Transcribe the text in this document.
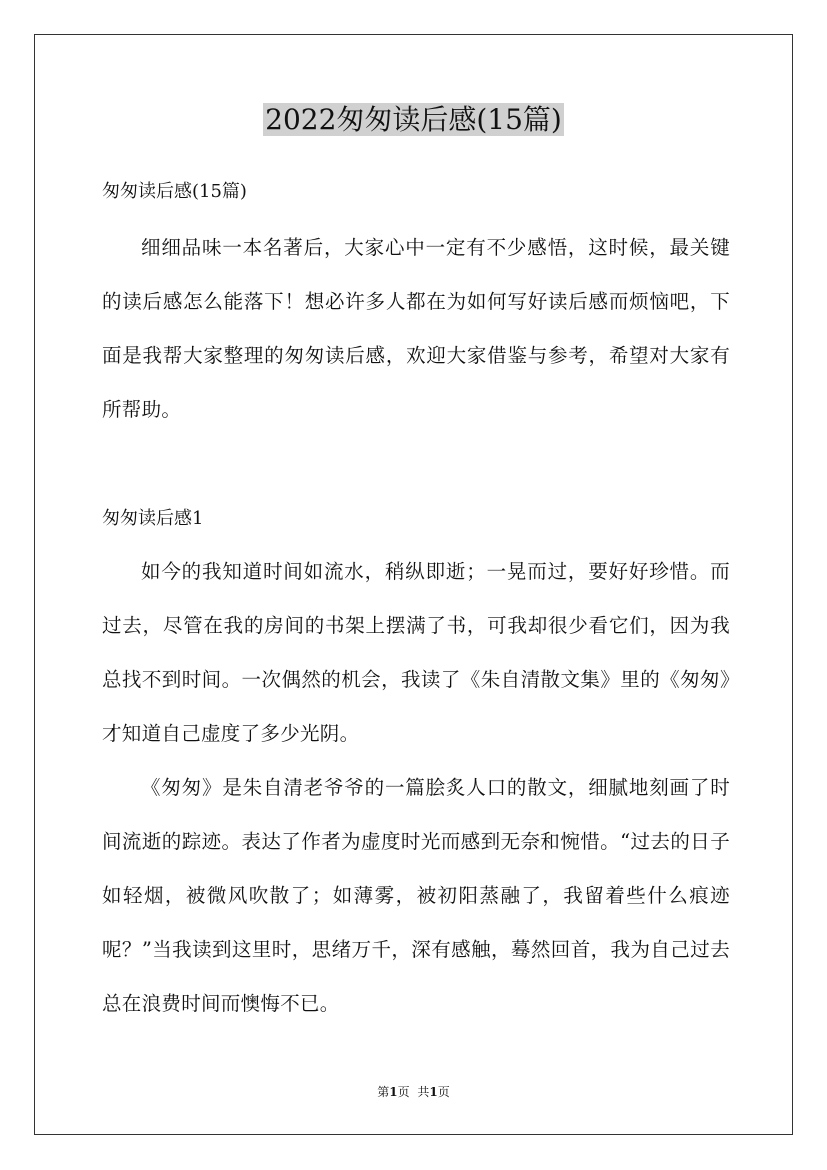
2022匆匆读后感(15篇)

匆匆读后感(15篇)

细细品味一本名著后，大家心中一定有不少感悟，这时候，最关键的读后感怎么能落下！想必许多人都在为如何写好读后感而烦恼吧，下面是我帮大家整理的匆匆读后感，欢迎大家借鉴与参考，希望对大家有所帮助。

匆匆读后感1

如今的我知道时间如流水，稍纵即逝；一晃而过，要好好珍惜。而过去，尽管在我的房间的书架上摆满了书，可我却很少看它们，因为我总找不到时间。一次偶然的机会，我读了《朱自清散文集》里的《匆匆》才知道自己虚度了多少光阴。

《匆匆》是朱自清老爷爷的一篇脍炙人口的散文，细腻地刻画了时间流逝的踪迹。表达了作者为虚度时光而感到无奈和惋惜。“过去的日子如轻烟，被微风吹散了；如薄雾，被初阳蒸融了，我留着些什么痕迹呢？”当我读到这里时，思绪万千，深有感触，蓦然回首，我为自己过去总在浪费时间而懊悔不已。

第1页 共1页
